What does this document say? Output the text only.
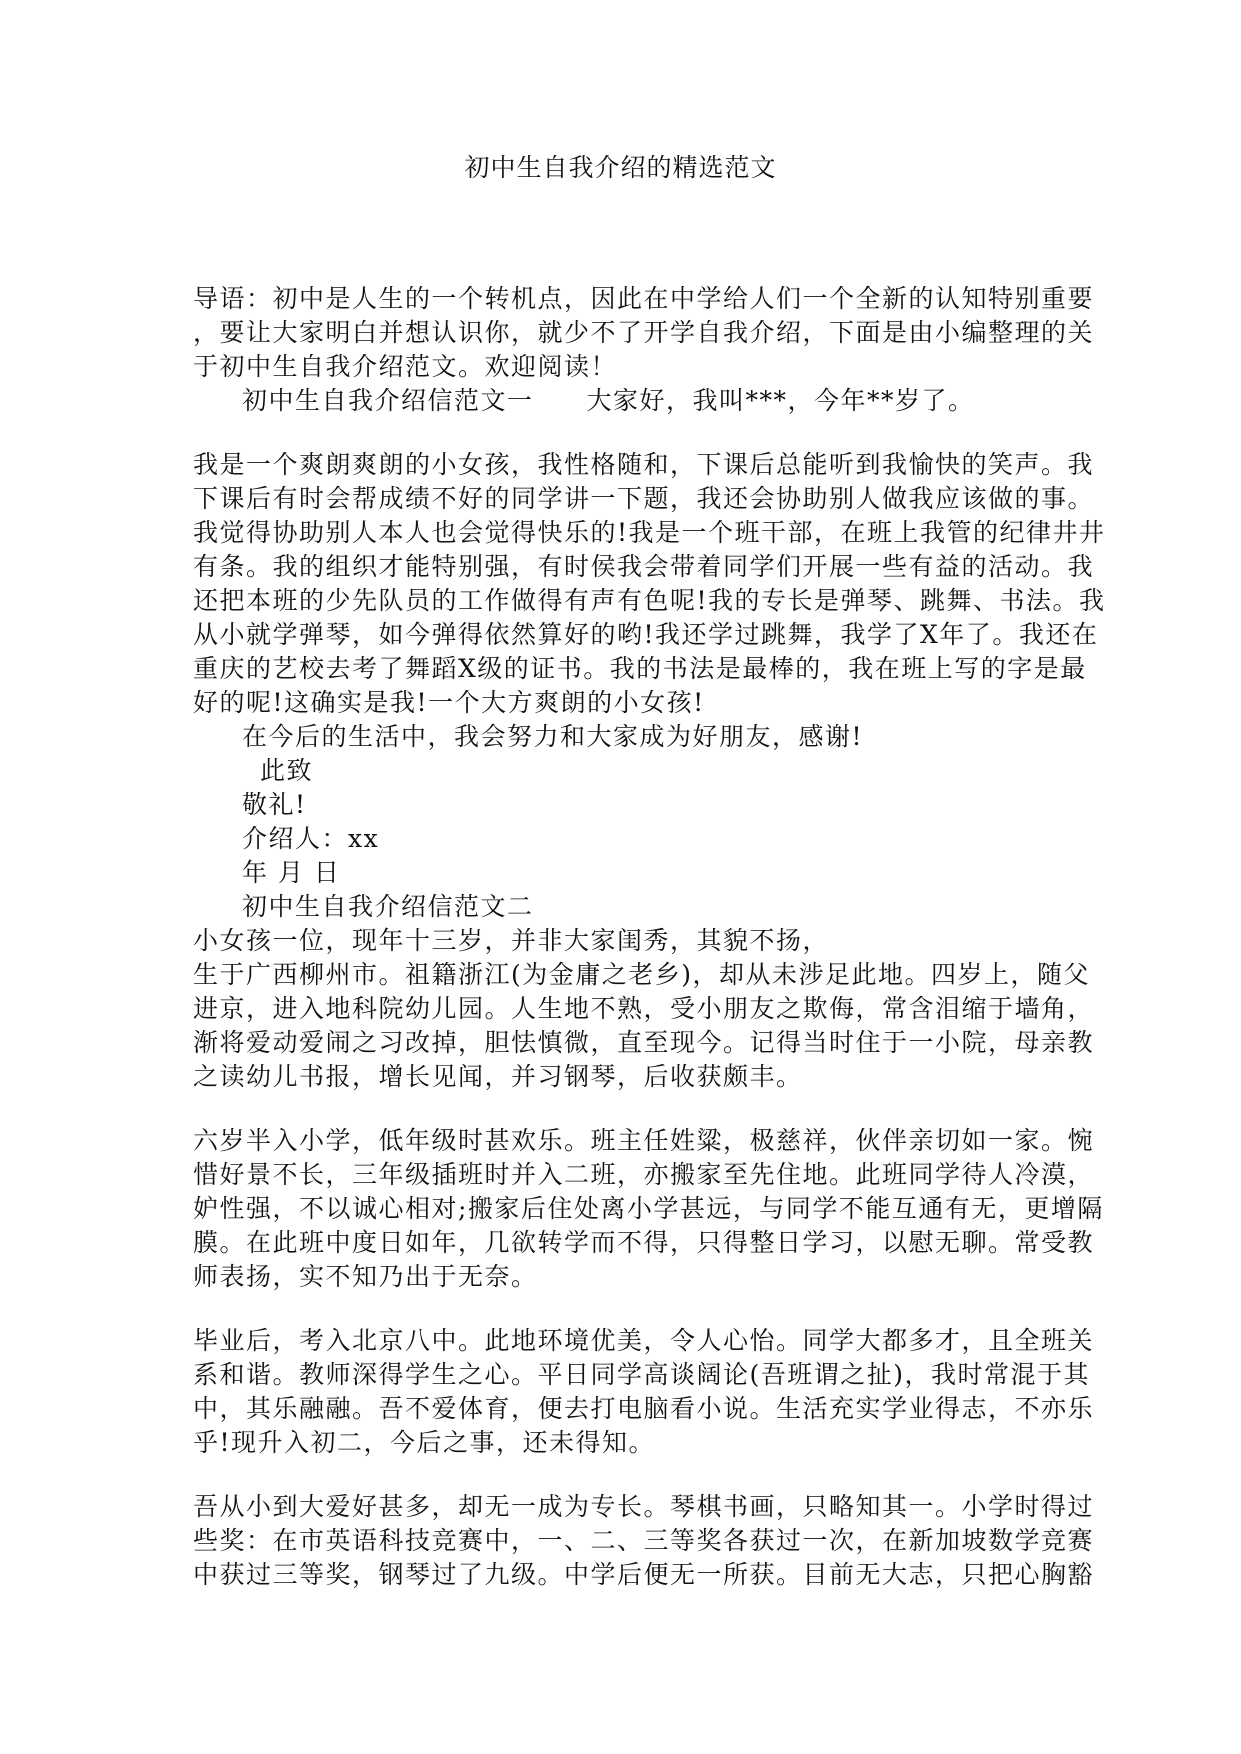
初中生自我介绍的精选范文
导语：初中是人生的一个转机点，因此在中学给人们一个全新的认知特别重要
，要让大家明白并想认识你，就少不了开学自我介绍，下面是由小编整理的关
于初中生自我介绍范文。欢迎阅读！
初中生自我介绍信范文一　　大家好，我叫***，今年**岁了。
我是一个爽朗爽朗的小女孩，我性格随和，下课后总能听到我愉快的笑声。我
下课后有时会帮成绩不好的同学讲一下题，我还会协助别人做我应该做的事。
我觉得协助别人本人也会觉得快乐的!我是一个班干部，在班上我管的纪律井井
有条。我的组织才能特别强，有时侯我会带着同学们开展一些有益的活动。我
还把本班的少先队员的工作做得有声有色呢!我的专长是弹琴、跳舞、书法。我
从小就学弹琴，如今弹得依然算好的哟!我还学过跳舞，我学了X年了。我还在
重庆的艺校去考了舞蹈X级的证书。我的书法是最棒的，我在班上写的字是最
好的呢!这确实是我!一个大方爽朗的小女孩!
在今后的生活中，我会努力和大家成为好朋友，感谢!
此致
敬礼!
介绍人：xx
年 月 日
初中生自我介绍信范文二
小女孩一位，现年十三岁，并非大家闺秀，其貌不扬，
生于广西柳州市。祖籍浙江(为金庸之老乡)，却从未涉足此地。四岁上，随父
进京，进入地科院幼儿园。人生地不熟，受小朋友之欺侮，常含泪缩于墙角，
渐将爱动爱闹之习改掉，胆怯慎微，直至现今。记得当时住于一小院，母亲教
之读幼儿书报，增长见闻，并习钢琴，后收获颇丰。
六岁半入小学，低年级时甚欢乐。班主任姓粱，极慈祥，伙伴亲切如一家。惋
惜好景不长，三年级插班时并入二班，亦搬家至先住地。此班同学待人冷漠，
妒性强，不以诚心相对;搬家后住处离小学甚远，与同学不能互通有无，更增隔
膜。在此班中度日如年，几欲转学而不得，只得整日学习，以慰无聊。常受教
师表扬，实不知乃出于无奈。
毕业后，考入北京八中。此地环境优美，令人心怡。同学大都多才，且全班关
系和谐。教师深得学生之心。平日同学高谈阔论(吾班谓之扯)，我时常混于其
中，其乐融融。吾不爱体育，便去打电脑看小说。生活充实学业得志，不亦乐
乎!现升入初二，今后之事，还未得知。
吾从小到大爱好甚多，却无一成为专长。琴棋书画，只略知其一。小学时得过
些奖：在市英语科技竞赛中，一、二、三等奖各获过一次，在新加坡数学竞赛
中获过三等奖，钢琴过了九级。中学后便无一所获。目前无大志，只把心胸豁
